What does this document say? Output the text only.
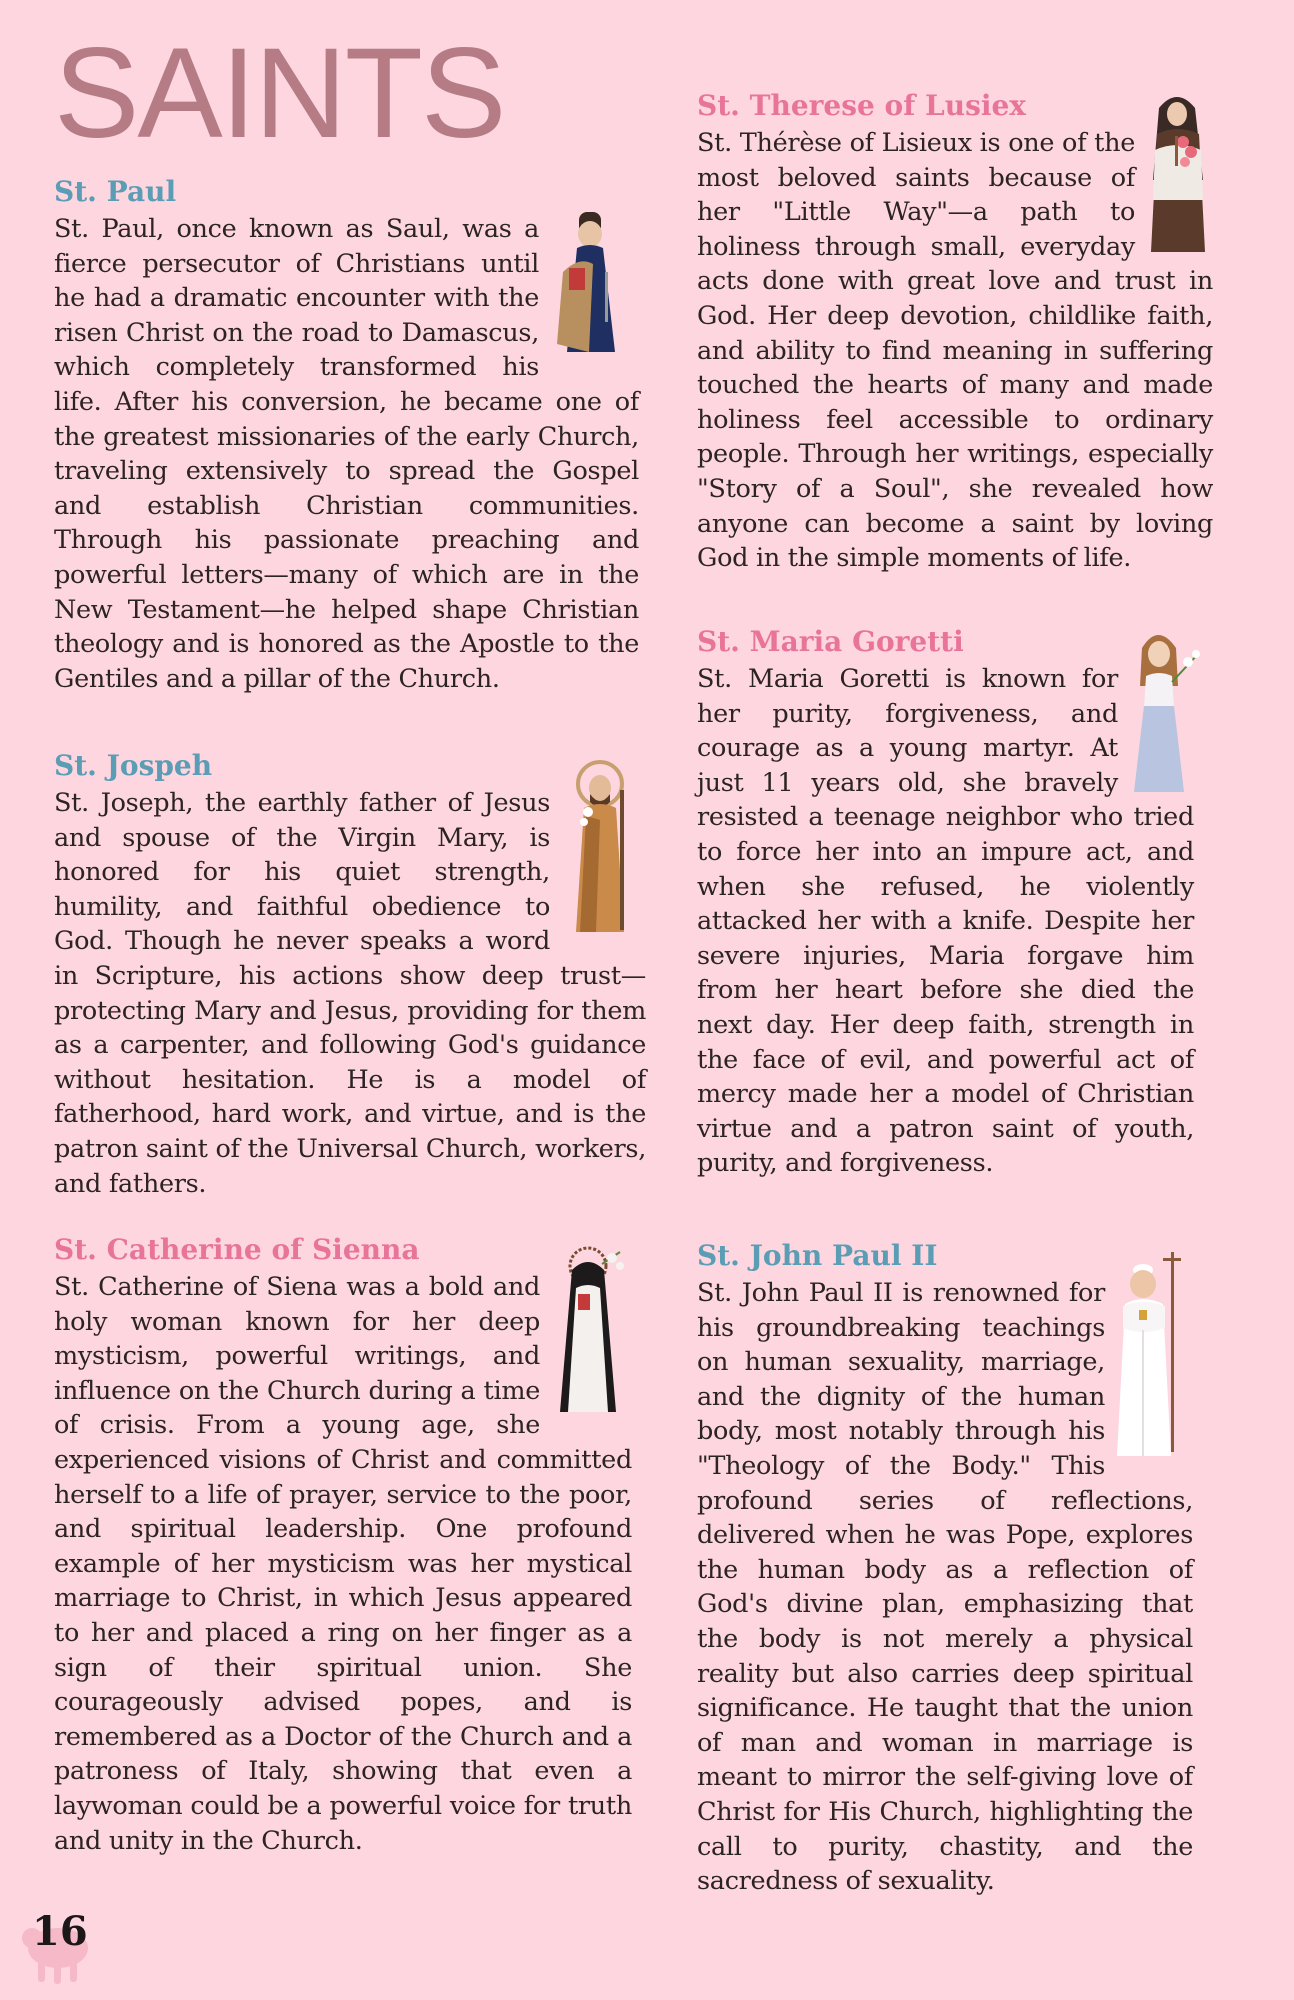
SAINTS
St. Paul

St. Paul, once known as Saul, was a fierce persecutor of Christians until he had a dramatic encounter with the risen Christ on the road to Damascus, which completely transformed his life. After his conversion, he became one of the greatest missionaries of the early Church, traveling extensively to spread the Gospel and establish Christian communities. Through his passionate preaching and powerful letters—many of which are in the New Testament—he helped shape Christian theology and is honored as the Apostle to the Gentiles and a pillar of the Church.

St. Jospeh

St. Joseph, the earthly father of Jesus and spouse of the Virgin Mary, is honored for his quiet strength, humility, and faithful obedience to God. Though he never speaks a word in Scripture, his actions show deep trust—protecting Mary and Jesus, providing for them as a carpenter, and following God's guidance without hesitation. He is a model of fatherhood, hard work, and virtue, and is the patron saint of the Universal Church, workers, and fathers.

St. Catherine of Sienna

St. Catherine of Siena was a bold and holy woman known for her deep mysticism, powerful writings, and influence on the Church during a time of crisis. From a young age, she experienced visions of Christ and committed herself to a life of prayer, service to the poor, and spiritual leadership. One profound example of her mysticism was her mystical marriage to Christ, in which Jesus appeared to her and placed a ring on her finger as a sign of their spiritual union. She courageously advised popes, and is remembered as a Doctor of the Church and a patroness of Italy, showing that even a laywoman could be a powerful voice for truth and unity in the Church.

St. Therese of Lusiex

St. Thérèse of Lisieux is one of the most beloved saints because of her "Little Way"—a path to holiness through small, everyday acts done with great love and trust in God. Her deep devotion, childlike faith, and ability to find meaning in suffering touched the hearts of many and made holiness feel accessible to ordinary people. Through her writings, especially "Story of a Soul", she revealed how anyone can become a saint by loving God in the simple moments of life.

St. Maria Goretti

St. Maria Goretti is known for her purity, forgiveness, and courage as a young martyr. At just 11 years old, she bravely resisted a teenage neighbor who tried to force her into an impure act, and when she refused, he violently attacked her with a knife. Despite her severe injuries, Maria forgave him from her heart before she died the next day. Her deep faith, strength in the face of evil, and powerful act of mercy made her a model of Christian virtue and a patron saint of youth, purity, and forgiveness.

St. John Paul II

St. John Paul II is renowned for his groundbreaking teachings on human sexuality, marriage, and the dignity of the human body, most notably through his "Theology of the Body." This profound series of reflections, delivered when he was Pope, explores the human body as a reflection of God's divine plan, emphasizing that the body is not merely a physical reality but also carries deep spiritual significance. He taught that the union of man and woman in marriage is meant to mirror the self-giving love of Christ for His Church, highlighting the call to purity, chastity, and the sacredness of sexuality.

16
